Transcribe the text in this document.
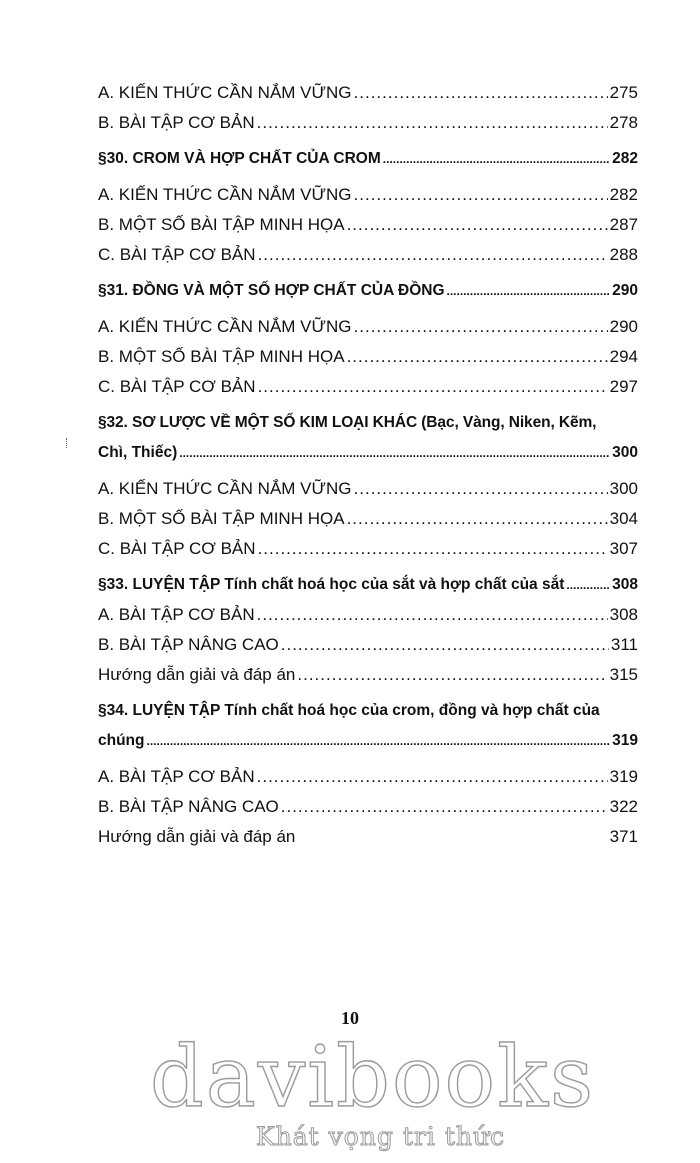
A. KIẾN THỨC CẦN NẮM VỮNG .....	275
B. BÀI TẬP CƠ BẢN .....	278
§30. CROM VÀ HỢP CHẤT CỦA CROM .....	282
A. KIẾN THỨC CẦN NẮM VỮNG .....	282
B. MỘT SỐ BÀI TẬP MINH HỌA .....	287
C. BÀI TẬP CƠ BẢN .....	288
§31. ĐỒNG VÀ MỘT SỐ HỢP CHẤT CỦA ĐỒNG .....	290
A. KIẾN THỨC CẦN NẮM VỮNG .....	290
B. MỘT SỐ BÀI TẬP MINH HỌA .....	294
C. BÀI TẬP CƠ BẢN .....	297
§32. SƠ LƯỢC VỀ MỘT SỐ KIM LOẠI KHÁC (Bạc, Vàng, Niken, Kẽm,
Chì, Thiếc) .....	300
A. KIẾN THỨC CẦN NẮM VỮNG .....	300
B. MỘT SỐ BÀI TẬP MINH HỌA .....	304
C. BÀI TẬP CƠ BẢN .....	307
§33. LUYỆN TẬP Tính chất hoá học của sắt và hợp chất của sắt .....	308
A. BÀI TẬP CƠ BẢN .....	308
B. BÀI TẬP NÂNG CAO .....	311
Hướng dẫn giải và đáp án .....	315
§34. LUYỆN TẬP Tính chất hoá học của crom, đồng và hợp chất của
chúng .....	319
A. BÀI TẬP CƠ BẢN .....	319
B. BÀI TẬP NÂNG CAO .....	322
Hướng dẫn giải và đáp án	371
davibooks
10
Khát vọng tri thức
